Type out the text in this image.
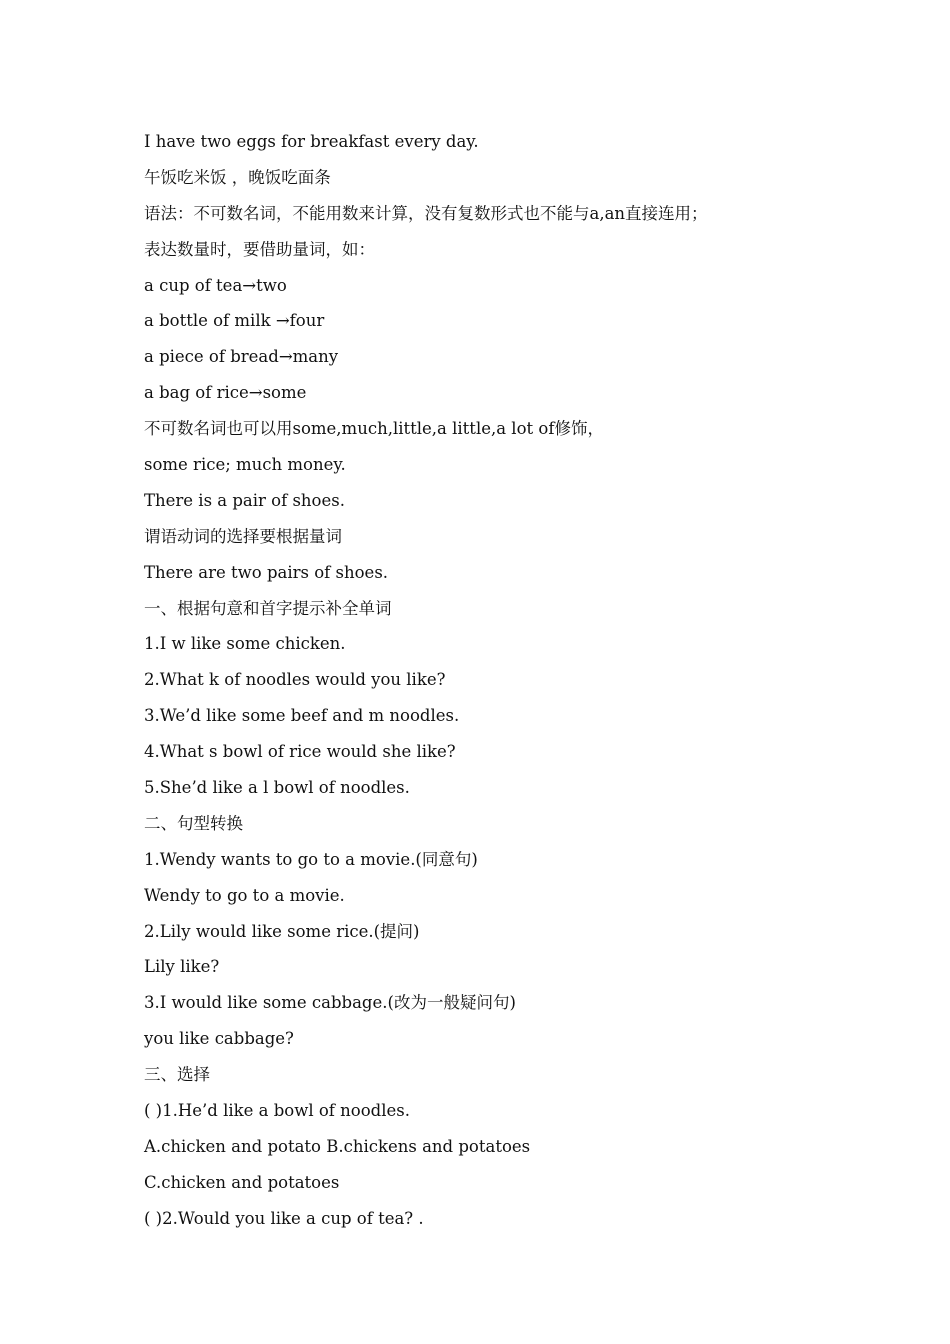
I have two eggs for breakfast every day.
午饭吃米饭 ，晚饭吃面条
语法：不可数名词，不能用数来计算，没有复数形式也不能与a,an直接连用；
表达数量时，要借助量词，如：
a cup of tea→two
a bottle of milk →four
a piece of bread→many
a bag of rice→some
不可数名词也可以用some,much,little,a little,a lot of修饰，
some rice; much money.
There is a pair of shoes.
谓语动词的选择要根据量词
There are two pairs of shoes.
一、根据句意和首字提示补全单词
1.I w like some chicken.
2.What k of noodles would you like?
3.We’d like some beef and m noodles.
4.What s bowl of rice would she like?
5.She’d like a l bowl of noodles.
二、句型转换
1.Wendy wants to go to a movie.(同意句)
Wendy to go to a movie.
2.Lily would like some rice.(提问)
Lily like?
3.I would like some cabbage.(改为一般疑问句)
you like cabbage?
三、选择
( )1.He’d like a bowl of noodles.
A.chicken and potato B.chickens and potatoes
C.chicken and potatoes
( )2.Would you like a cup of tea? .
